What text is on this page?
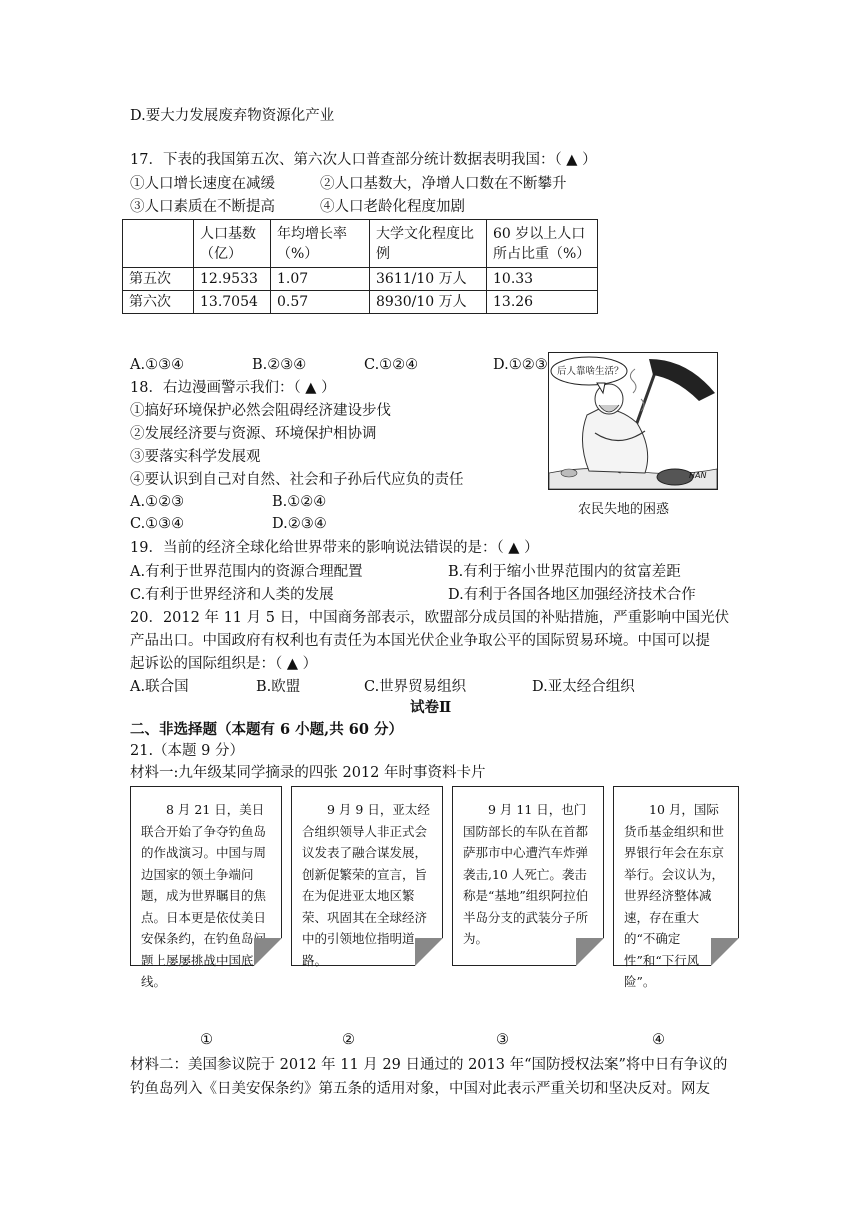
D.要大力发展废弃物资源化产业
17．下表的我国第五次、第六次人口普查部分统计数据表明我国：（ ▲ ）
①人口增长速度在减缓	②人口基数大，净增人口数在不断攀升
③人口素质在不断提高	④人口老龄化程度加剧
	人口基数（亿）	年均增长率（%）	大学文化程度比例	60 岁以上人口所占比重（%）
第五次	12.9533	1.07	3611/10 万人	10.33
第六次	13.7054	0.57	8930/10 万人	13.26
A.①③④	B.②③④	C.①②④	D.①②③
18．右边漫画警示我们：（ ▲ ）
①搞好环境保护必然会阻碍经济建设步伐
②发展经济要与资源、环境保护相协调
③要落实科学发展观
④要认识到自己对自然、社会和子孙后代应负的责任
A.①②③	B.①②④
C.①③④	D.②③④
后人靠啥生活？
HAN
农民失地的困惑
19．当前的经济全球化给世界带来的影响说法错误的是：（ ▲ ）
A.有利于世界范围内的资源合理配置	B.有利于缩小世界范围内的贫富差距
C.有利于世界经济和人类的发展	D.有利于各国各地区加强经济技术合作
20．2012 年 11 月 5 日，中国商务部表示，欧盟部分成员国的补贴措施，严重影响中国光伏
产品出口。中国政府有权利也有责任为本国光伏企业争取公平的国际贸易环境。中国可以提
起诉讼的国际组织是：（ ▲ ）
A.联合国	B.欧盟	C.世界贸易组织	D.亚太经合组织
试卷Ⅱ
二、非选择题（本题有 6 小题,共 60 分）
21.（本题 9 分）
材料一:九年级某同学摘录的四张 2012 年时事资料卡片
　　8 月 21 日，美日联合开始了争夺钓鱼岛的作战演习。中国与周边国家的领土争端问题，成为世界瞩目的焦点。日本更是依仗美日安保条约，在钓鱼岛问题上屡屡挑战中国底线。
　　9 月 9 日，亚太经合组织领导人非正式会议发表了融合谋发展，创新促繁荣的宣言，旨在为促进亚太地区繁荣、巩固其在全球经济中的引领地位指明道路。
　　9 月 11 日，也门国防部长的车队在首都萨那市中心遭汽车炸弹袭击,10 人死亡。袭击称是“基地”组织阿拉伯半岛分支的武装分子所为。
　　10 月，国际货币基金组织和世界银行年会在东京举行。会议认为，世界经济整体减速，存在重大的“不确定性”和“下行风险”。
①	②	③	④
材料二：美国参议院于 2012 年 11 月 29 日通过的 2013 年“国防授权法案”将中日有争议的
钓鱼岛列入《日美安保条约》第五条的适用对象，中国对此表示严重关切和坚决反对。网友
